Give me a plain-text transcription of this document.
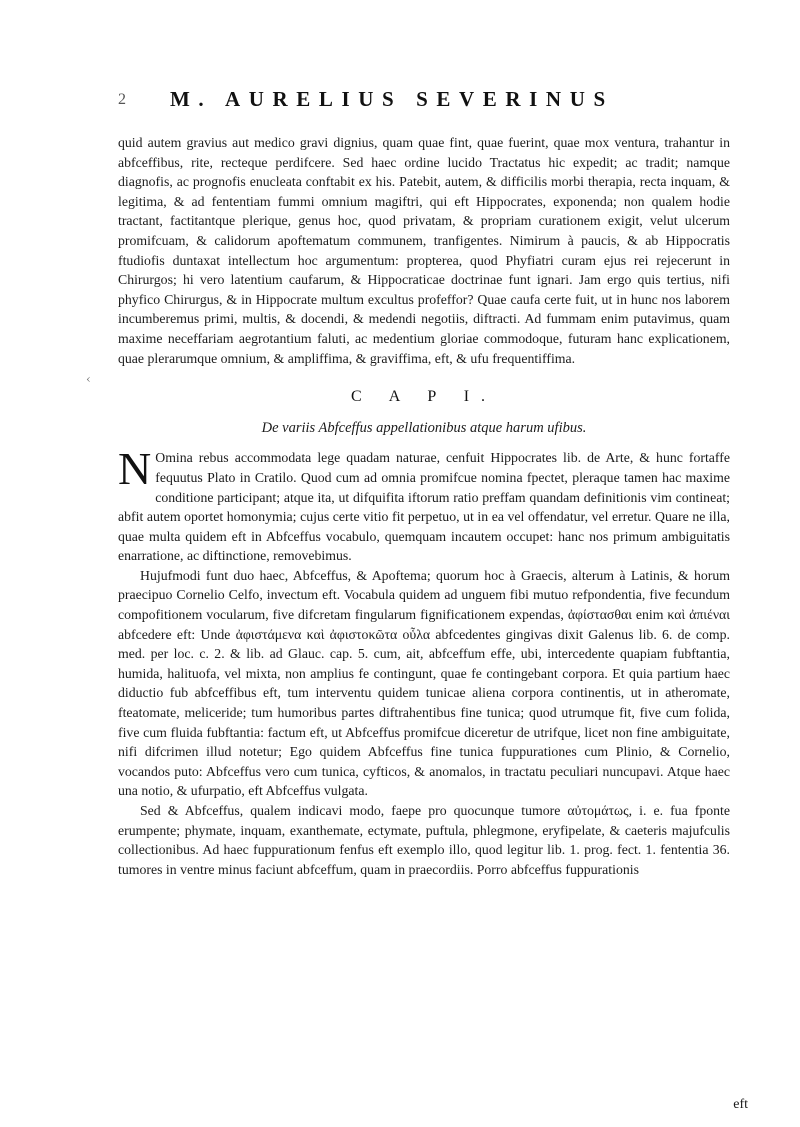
2 M. AURELIUS SEVERINUS
‹

quid autem gravius aut medico gravi dignius, quam quae fint, quae fuerint, quae mox ventura, trahantur in abfceffibus, rite, recteque perdifcere. Sed haec ordine lucido Tractatus hic expedit; ac tradit; namque diagnofis, ac prognofis enucleata conftabit ex his. Patebit, autem, & difficilis morbi therapia, recta inquam, & legitima, & ad fententiam fummi omnium magiftri, qui eft Hippocrates, exponenda; non qualem hodie tractant, factitantque plerique, genus hoc, quod privatam, & propriam curationem exigit, velut ulcerum promifcuam, & calidorum apoftematum communem, tranfigentes. Nimirum à paucis, & ab Hippocratis ftudiofis duntaxat intellectum hoc argumentum: propterea, quod Phyfiatri curam ejus rei rejecerunt in Chirurgos; hi vero latentium caufarum, & Hippocraticae doctrinae funt ignari. Jam ergo quis tertius, nifi phyfico Chirurgus, & in Hippocrate multum excultus profeffor? Quae caufa certe fuit, ut in hunc nos laborem incumberemus primi, multis, & docendi, & medendi negotiis, diftracti. Ad fummam enim putavimus, quam maxime neceffariam aegrotantium faluti, ac medentium gloriae commodoque, futuram hanc explicationem, quae plerarumque omnium, & ampliffima, & graviffima, eft, & ufu frequentiffima.

C A P I.
De variis Abfceffus appellationibus atque harum ufibus.

N Omina rebus accommodata lege quadam naturae, cenfuit Hippocrates lib. de Arte, & hunc fortaffe fequutus Plato in Cratilo. Quod cum ad omnia promifcue nomina fpectet, pleraque tamen hac maxime conditione participant; atque ita, ut difquifita iftorum ratio preffam quandam definitionis vim contineat; abfit autem oportet homonymia; cujus certe vitio fit perpetuo, ut in ea vel offendatur, vel erretur. Quare ne illa, quae multa quidem eft in Abfceffus vocabulo, quemquam incautem occupet: hanc nos primum ambiguitatis enarratione, ac diftinctione, removebimus.

Hujufmodi funt duo haec, Abfceffus, & Apoftema; quorum hoc à Graecis, alterum à Latinis, & horum praecipuo Cornelio Celfo, invectum eft. Vocabula quidem ad unguem fibi mutuo refpondentia, five fecundum compofitionem vocularum, five difcretam fingularum fignificationem expendas, ἀφίστασθαι enim καὶ ἀπιέναι abfcedere eft: Unde ἀφιστάμενα καὶ ἀφιστοκῶτα οὖλα abfcedentes gingivas dixit Galenus lib. 6. de comp. med. per loc. c. 2. & lib. ad Glauc. cap. 5. cum, ait, abfceffum effe, ubi, intercedente quapiam fubftantia, humida, halituofa, vel mixta, non amplius fe contingunt, quae fe contingebant corpora. Et quia partium haec diductio fub abfceffibus eft, tum interventu quidem tunicae aliena corpora continentis, ut in atheromate, fteatomate, meliceride; tum humoribus partes diftrahentibus fine tunica; quod utrumque fit, five cum folida, five cum fluida fubftantia: factum eft, ut Abfceffus promifcue diceretur de utrifque, licet non fine ambiguitate, nifi difcrimen illud notetur; Ego quidem Abfceffus fine tunica fuppurationes cum Plinio, & Cornelio, vocandos puto: Abfceffus vero cum tunica, cyfticos, & anomalos, in tractatu peculiari nuncupavi. Atque haec una notio, & ufurpatio, eft Abfceffus vulgata.

Sed & Abfceffus, qualem indicavi modo, faepe pro quocunque tumore αὐτομάτως, i. e. fua fponte erumpente; phymate, inquam, exanthemate, ectymate, puftula, phlegmone, eryfipelate, & caeteris majufculis collectionibus. Ad haec fuppurationum fenfus eft exemplo illo, quod legitur lib. 1. prog. fect. 1. fententia 36. tumores in ventre minus faciunt abfceffum, quam in praecordiis. Porro abfceffus fuppurationis

eft
